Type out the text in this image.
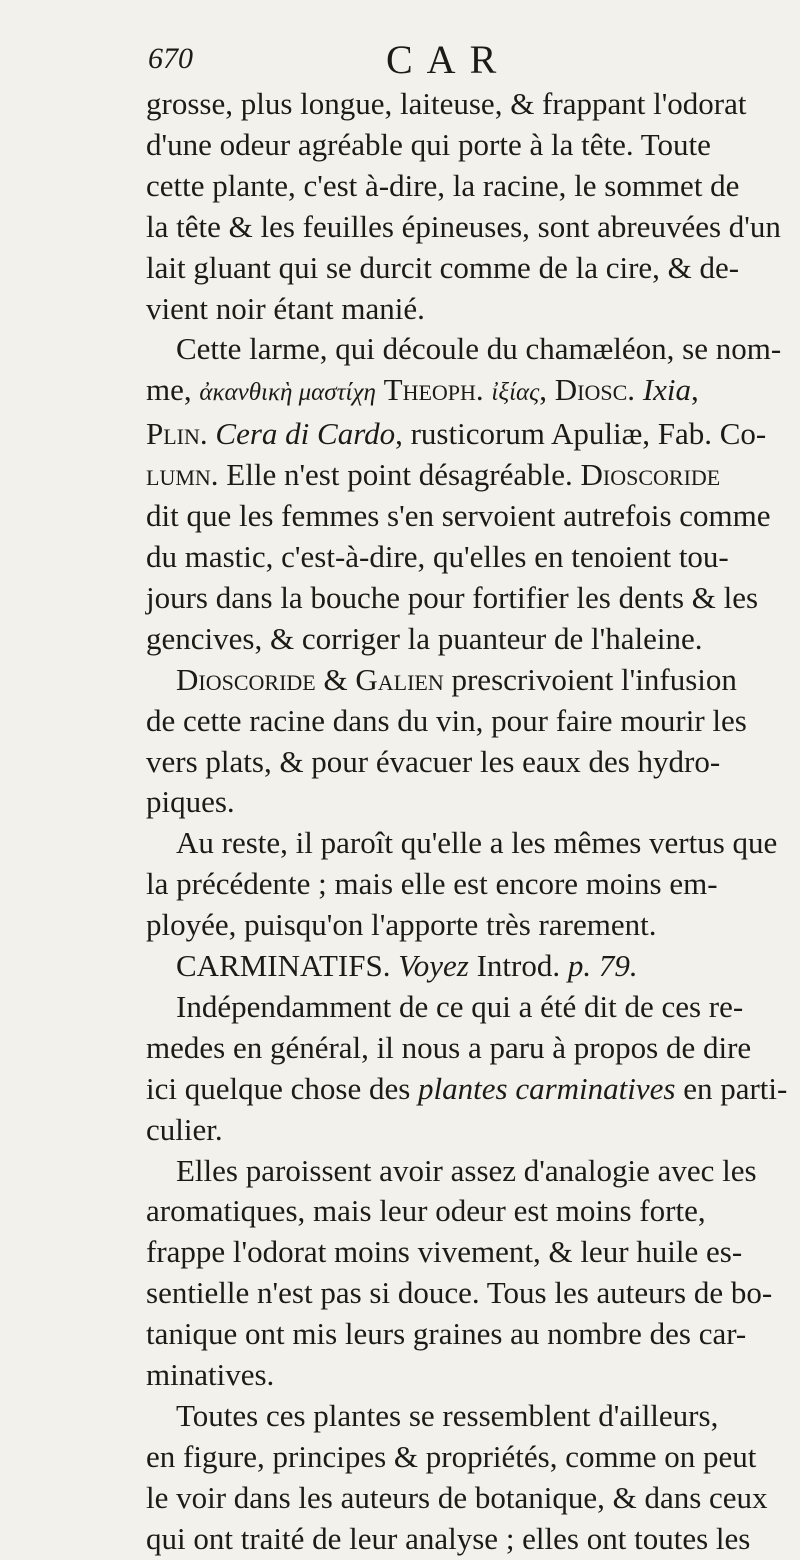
670	CAR
grosse, plus longue, laiteuse, & frappant l'odorat
d'une odeur agréable qui porte à la tête. Toute
cette plante, c'est à-dire, la racine, le sommet de
la tête & les feuilles épineuses, sont abreuvées d'un
lait gluant qui se durcit comme de la cire, & de-
vient noir étant manié.
Cette larme, qui découle du chamæléon, se nom-
me, ἀκανθικὴ μαστίχη Theoph. ἰξίας, Diosc. Ixia,
Plin. Cera di Cardo, rusticorum Apuliæ, Fab. Co-
lumn. Elle n'est point désagréable. Dioscoride
dit que les femmes s'en servoient autrefois comme
du mastic, c'est-à-dire, qu'elles en tenoient tou-
jours dans la bouche pour fortifier les dents & les
gencives, & corriger la puanteur de l'haleine.
Dioscoride & Galien prescrivoient l'infusion
de cette racine dans du vin, pour faire mourir les
vers plats, & pour évacuer les eaux des hydro-
piques.
Au reste, il paroît qu'elle a les mêmes vertus que
la précédente ; mais elle est encore moins em-
ployée, puisqu'on l'apporte très rarement.
CARMINATIFS. Voyez Introd. p. 79.
Indépendamment de ce qui a été dit de ces re-
medes en général, il nous a paru à propos de dire
ici quelque chose des plantes carminatives en parti-
culier.
Elles paroissent avoir assez d'analogie avec les
aromatiques, mais leur odeur est moins forte,
frappe l'odorat moins vivement, & leur huile es-
sentielle n'est pas si douce. Tous les auteurs de bo-
tanique ont mis leurs graines au nombre des car-
minatives.
Toutes ces plantes se ressemblent d'ailleurs,
en figure, principes & propriétés, comme on peut
le voir dans les auteurs de botanique, & dans ceux
qui ont traité de leur analyse ; elles ont toutes les
